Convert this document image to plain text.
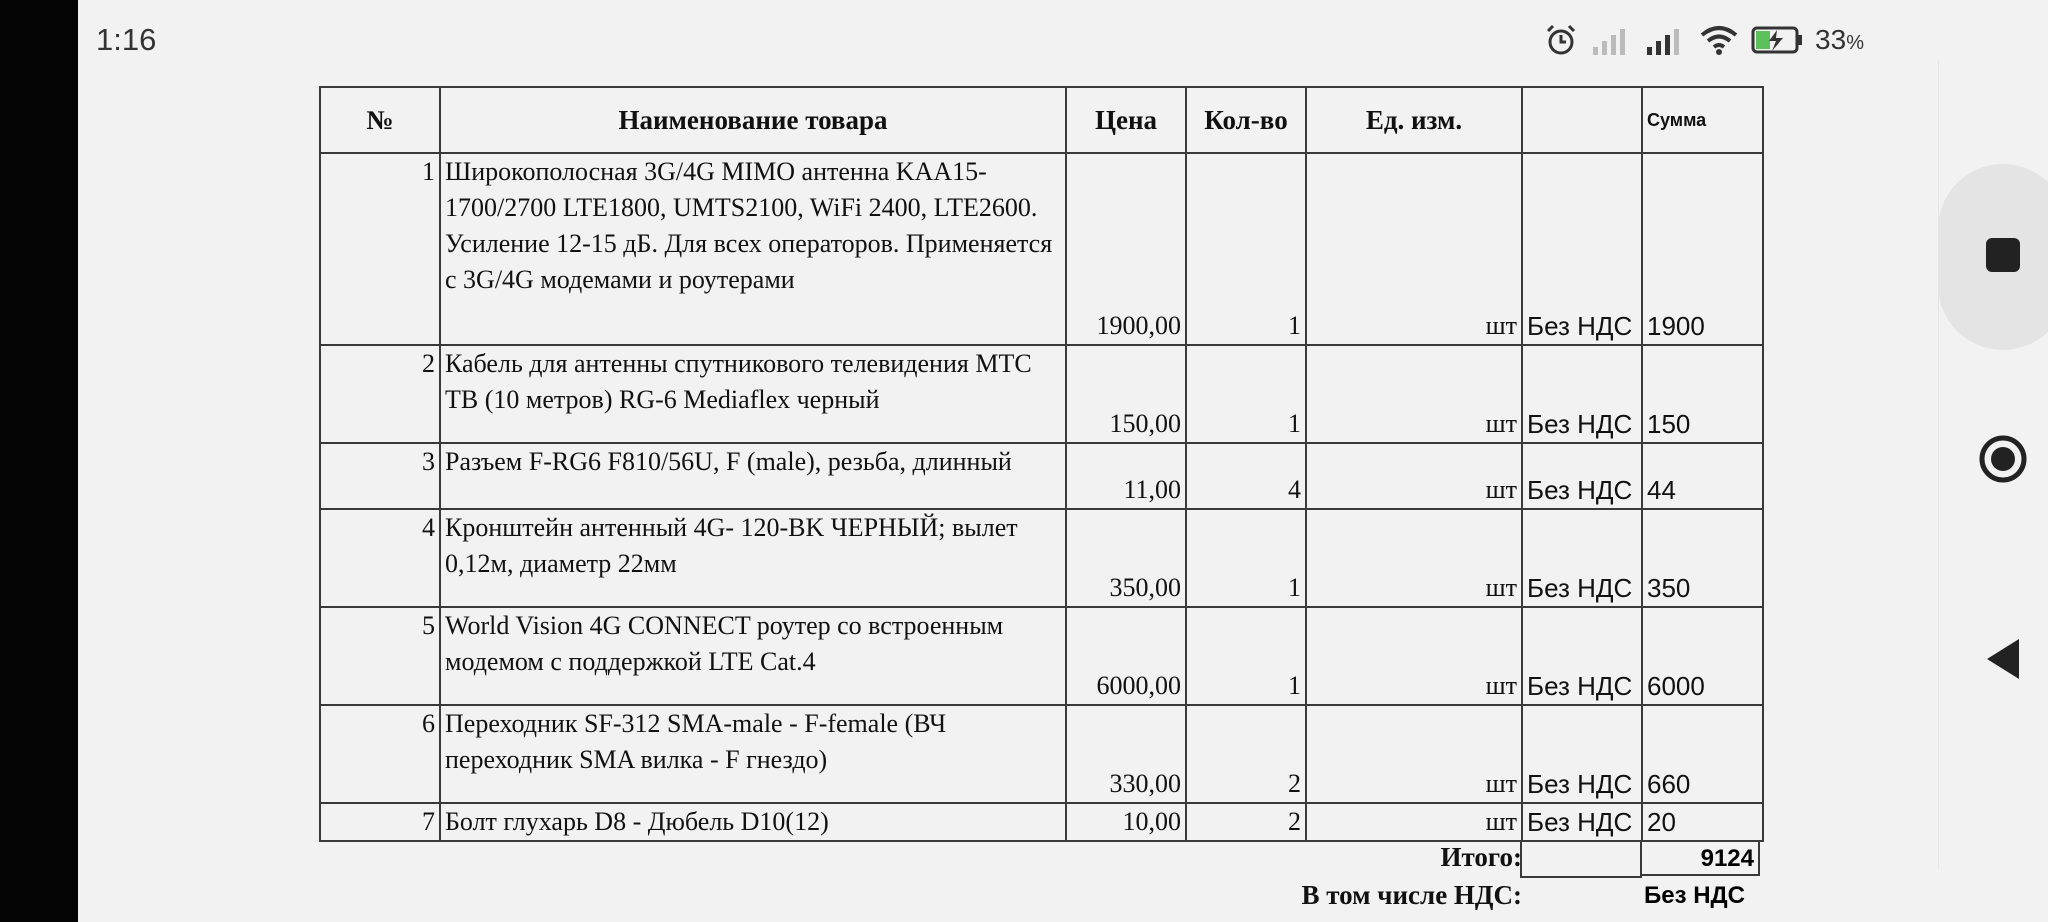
1:16	33%
№	Наименование товара	Цена	Кол-во	Ед. изм.		Сумма
1	Широкополосная 3G/4G MIMO антенна KAA15-1700/2700 LTE1800, UMTS2100, WiFi 2400, LTE2600. Усиление 12-15 дБ. Для всех операторов. Применяется с 3G/4G модемами и роутерами	1900,00	1	шт	Без НДС	1900
2	Кабель для антенны спутникового телевидения МТС ТВ (10 метров) RG-6 Mediaflex черный	150,00	1	шт	Без НДС	150
3	Разъем F-RG6 F810/56U, F (male), резьба, длинный	11,00	4	шт	Без НДС	44
4	Кронштейн антенный 4G- 120-BK ЧЕРНЫЙ; вылет 0,12м, диаметр 22мм	350,00	1	шт	Без НДС	350
5	World Vision 4G CONNECT роутер со встроенным модемом с поддержкой LTE Cat.4	6000,00	1	шт	Без НДС	6000
6	Переходник SF-312 SMA-male - F-female (ВЧ переходник SMA вилка - F гнездо)	330,00	2	шт	Без НДС	660
7	Болт глухарь D8 - Дюбель D10(12)	10,00	2	шт	Без НДС	20
Итого:	9124
В том числе НДС:	Без НДС
